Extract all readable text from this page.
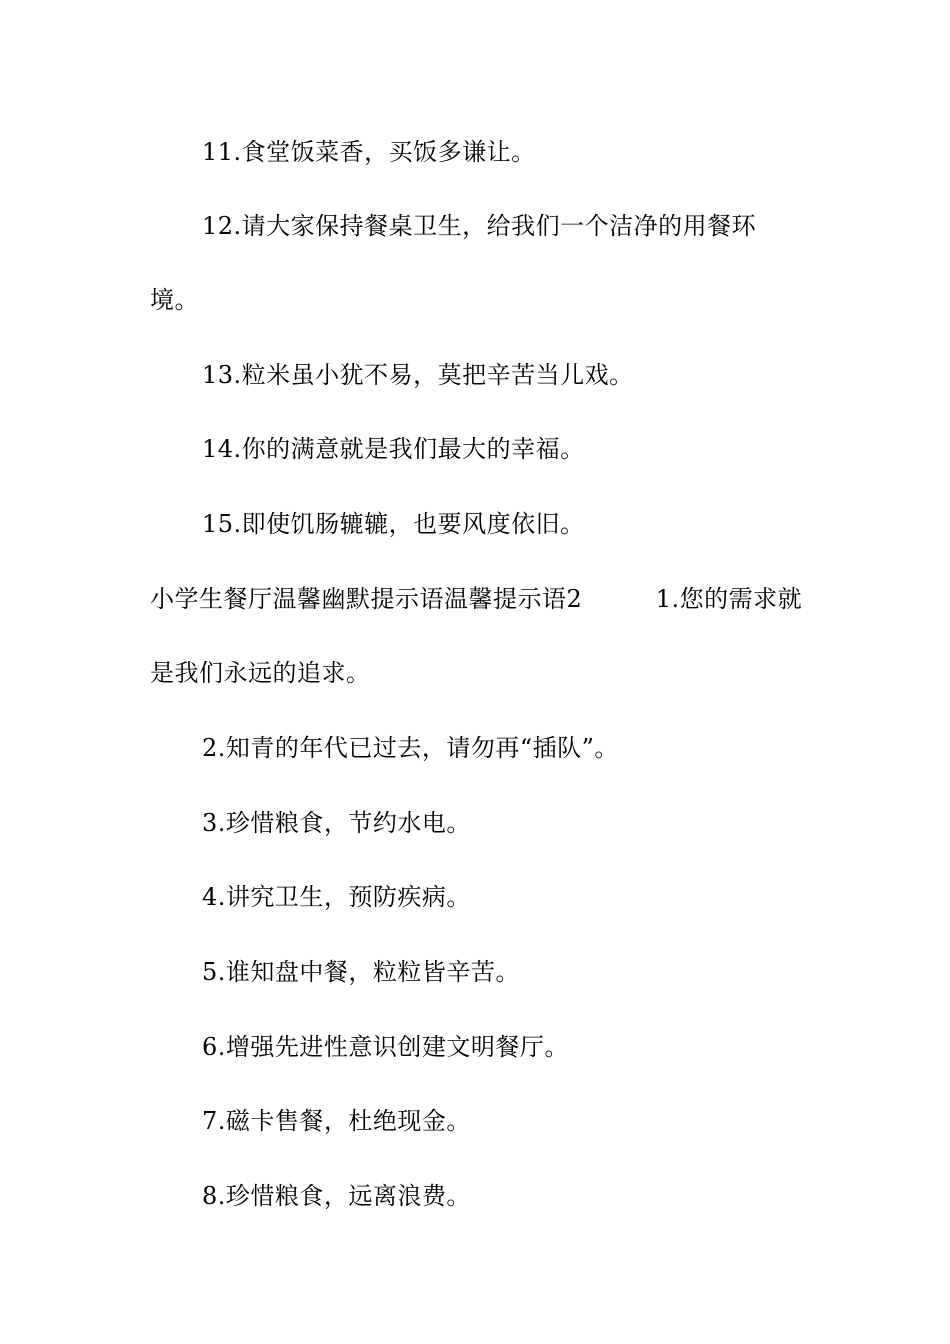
11.食堂饭菜香，买饭多谦让。
12.请大家保持餐桌卫生，给我们一个洁净的用餐环
境。
13.粒米虽小犹不易，莫把辛苦当儿戏。
14.你的满意就是我们最大的幸福。
15.即使饥肠辘辘，也要风度依旧。
小学生餐厅温馨幽默提示语温馨提示语2　　　1.您的需求就
是我们永远的追求。
2.知青的年代已过去，请勿再“插队”。
3.珍惜粮食，节约水电。
4.讲究卫生，预防疾病。
5.谁知盘中餐，粒粒皆辛苦。
6.增强先进性意识创建文明餐厅。
7.磁卡售餐，杜绝现金。
8.珍惜粮食，远离浪费。
